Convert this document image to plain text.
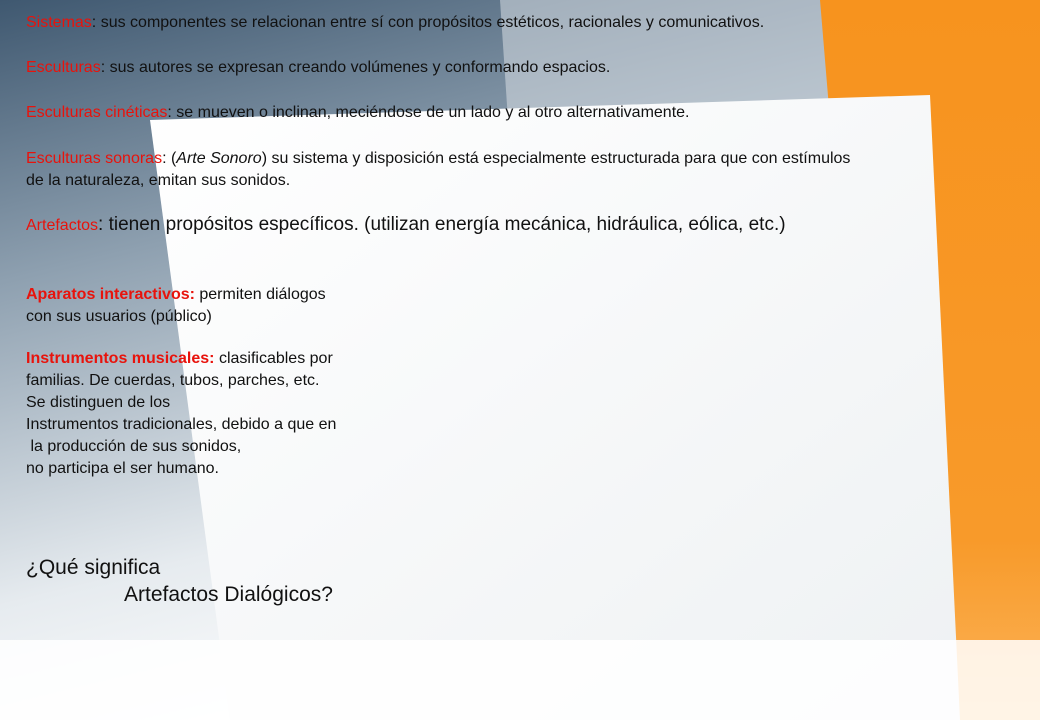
Sistemas: sus componentes se relacionan entre sí con propósitos estéticos, racionales y comunicativos.

Esculturas: sus autores se expresan creando volúmenes y conformando espacios.

Esculturas cinéticas: se mueven o inclinan, meciéndose de un lado y al otro alternativamente.

Esculturas sonoras: (Arte Sonoro) su sistema y disposición está especialmente estructurada para que con estímulos
de la naturaleza, emitan sus sonidos.

Artefactos: tienen propósitos específicos. (utilizan energía mecánica, hidráulica, eólica, etc.)

Aparatos interactivos: permiten diálogos
con sus usuarios (público)

Instrumentos musicales: clasificables por
familias. De cuerdas, tubos, parches, etc.
Se distinguen de los
Instrumentos tradicionales, debido a que en
la producción de sus sonidos,
no participa el ser humano.

¿Qué significa
Artefactos Dialógicos?
